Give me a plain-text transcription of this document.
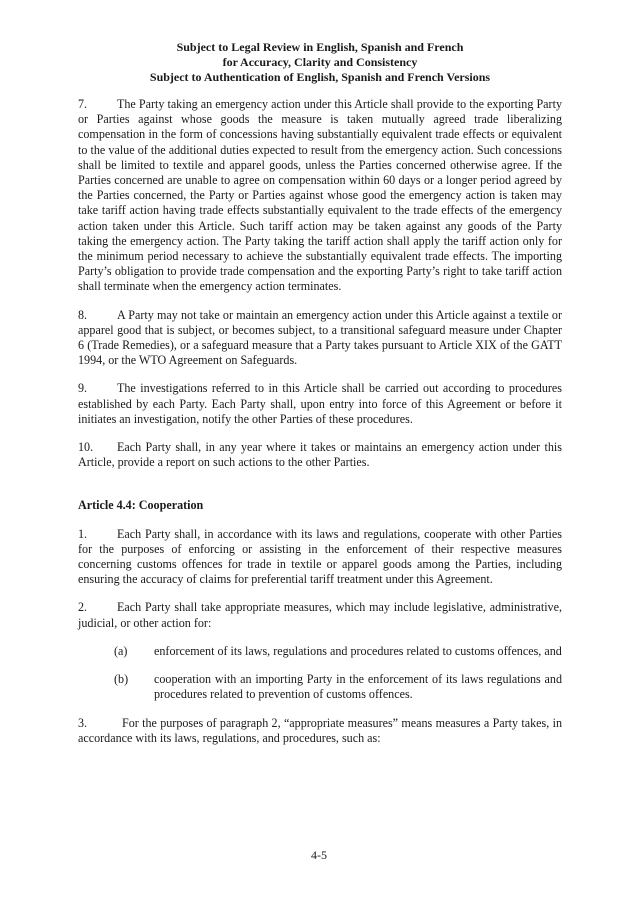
Subject to Legal Review in English, Spanish and French
for Accuracy, Clarity and Consistency
Subject to Authentication of English, Spanish and French Versions

7. The Party taking an emergency action under this Article shall provide to the exporting Party or Parties against whose goods the measure is taken mutually agreed trade liberalizing compensation in the form of concessions having substantially equivalent trade effects or equivalent to the value of the additional duties expected to result from the emergency action. Such concessions shall be limited to textile and apparel goods, unless the Parties concerned otherwise agree. If the Parties concerned are unable to agree on compensation within 60 days or a longer period agreed by the Parties concerned, the Party or Parties against whose good the emergency action is taken may take tariff action having trade effects substantially equivalent to the trade effects of the emergency action taken under this Article. Such tariff action may be taken against any goods of the Party taking the emergency action. The Party taking the tariff action shall apply the tariff action only for the minimum period necessary to achieve the substantially equivalent trade effects. The importing Party’s obligation to provide trade compensation and the exporting Party’s right to take tariff action shall terminate when the emergency action terminates.

8. A Party may not take or maintain an emergency action under this Article against a textile or apparel good that is subject, or becomes subject, to a transitional safeguard measure under Chapter 6 (Trade Remedies), or a safeguard measure that a Party takes pursuant to Article XIX of the GATT 1994, or the WTO Agreement on Safeguards.

9. The investigations referred to in this Article shall be carried out according to procedures established by each Party. Each Party shall, upon entry into force of this Agreement or before it initiates an investigation, notify the other Parties of these procedures.

10. Each Party shall, in any year where it takes or maintains an emergency action under this Article, provide a report on such actions to the other Parties.

Article 4.4: Cooperation

1. Each Party shall, in accordance with its laws and regulations, cooperate with other Parties for the purposes of enforcing or assisting in the enforcement of their respective measures concerning customs offences for trade in textile or apparel goods among the Parties, including ensuring the accuracy of claims for preferential tariff treatment under this Agreement.

2. Each Party shall take appropriate measures, which may include legislative, administrative, judicial, or other action for:

(a)	enforcement of its laws, regulations and procedures related to customs offences, and
(b)	cooperation with an importing Party in the enforcement of its laws regulations and procedures related to prevention of customs offences.

3.	For the purposes of paragraph 2, “appropriate measures” means measures a Party takes, in accordance with its laws, regulations, and procedures, such as:

4-5
